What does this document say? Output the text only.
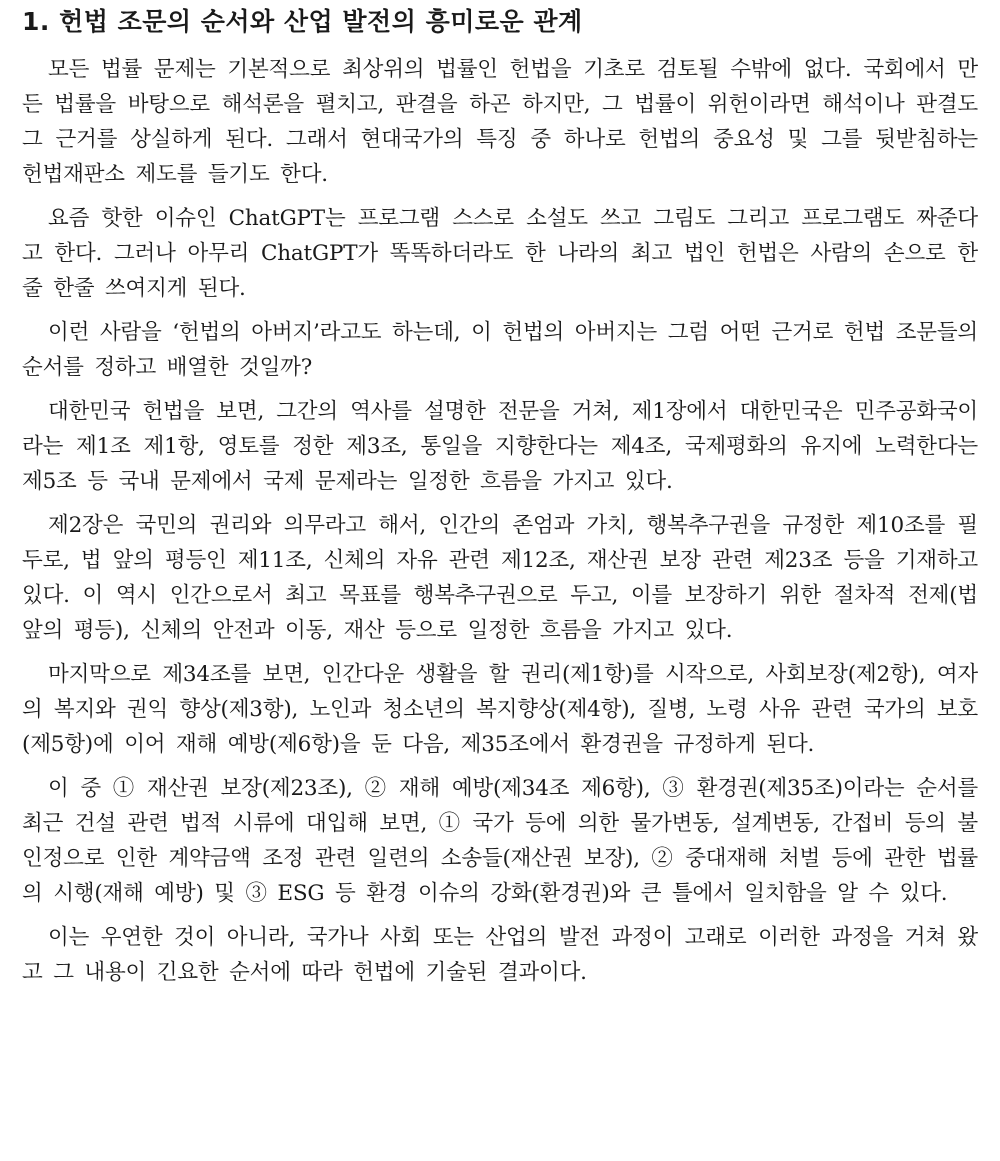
1. 헌법 조문의 순서와 산업 발전의 흥미로운 관계

모든 법률 문제는 기본적으로 최상위의 법률인 헌법을 기초로 검토될 수밖에 없다. 국회에서 만든 법률을 바탕으로 해석론을 펼치고, 판결을 하곤 하지만, 그 법률이 위헌이라면 해석이나 판결도 그 근거를 상실하게 된다. 그래서 현대국가의 특징 중 하나로 헌법의 중요성 및 그를 뒷받침하는 헌법재판소 제도를 들기도 한다.

요즘 핫한 이슈인 ChatGPT는 프로그램 스스로 소설도 쓰고 그림도 그리고 프로그램도 짜준다고 한다. 그러나 아무리 ChatGPT가 똑똑하더라도 한 나라의 최고 법인 헌법은 사람의 손으로 한줄 한줄 쓰여지게 된다.

이런 사람을 ‘헌법의 아버지’라고도 하는데, 이 헌법의 아버지는 그럼 어떤 근거로 헌법 조문들의 순서를 정하고 배열한 것일까?

대한민국 헌법을 보면, 그간의 역사를 설명한 전문을 거쳐, 제1장에서 대한민국은 민주공화국이라는 제1조 제1항, 영토를 정한 제3조, 통일을 지향한다는 제4조, 국제평화의 유지에 노력한다는 제5조 등 국내 문제에서 국제 문제라는 일정한 흐름을 가지고 있다.

제2장은 국민의 권리와 의무라고 해서, 인간의 존엄과 가치, 행복추구권을 규정한 제10조를 필두로, 법 앞의 평등인 제11조, 신체의 자유 관련 제12조, 재산권 보장 관련 제23조 등을 기재하고 있다. 이 역시 인간으로서 최고 목표를 행복추구권으로 두고, 이를 보장하기 위한 절차적 전제(법 앞의 평등), 신체의 안전과 이동, 재산 등으로 일정한 흐름을 가지고 있다.

마지막으로 제34조를 보면, 인간다운 생활을 할 권리(제1항)를 시작으로, 사회보장(제2항), 여자의 복지와 권익 향상(제3항), 노인과 청소년의 복지향상(제4항), 질병, 노령 사유 관련 국가의 보호(제5항)에 이어 재해 예방(제6항)을 둔 다음, 제35조에서 환경권을 규정하게 된다.

이 중 ① 재산권 보장(제23조), ② 재해 예방(제34조 제6항), ③ 환경권(제35조)이라는 순서를 최근 건설 관련 법적 시류에 대입해 보면, ① 국가 등에 의한 물가변동, 설계변동, 간접비 등의 불인정으로 인한 계약금액 조정 관련 일련의 소송들(재산권 보장), ② 중대재해 처벌 등에 관한 법률의 시행(재해 예방) 및 ③ ESG 등 환경 이슈의 강화(환경권)와 큰 틀에서 일치함을 알 수 있다.

이는 우연한 것이 아니라, 국가나 사회 또는 산업의 발전 과정이 고래로 이러한 과정을 거쳐 왔고 그 내용이 긴요한 순서에 따라 헌법에 기술된 결과이다.
